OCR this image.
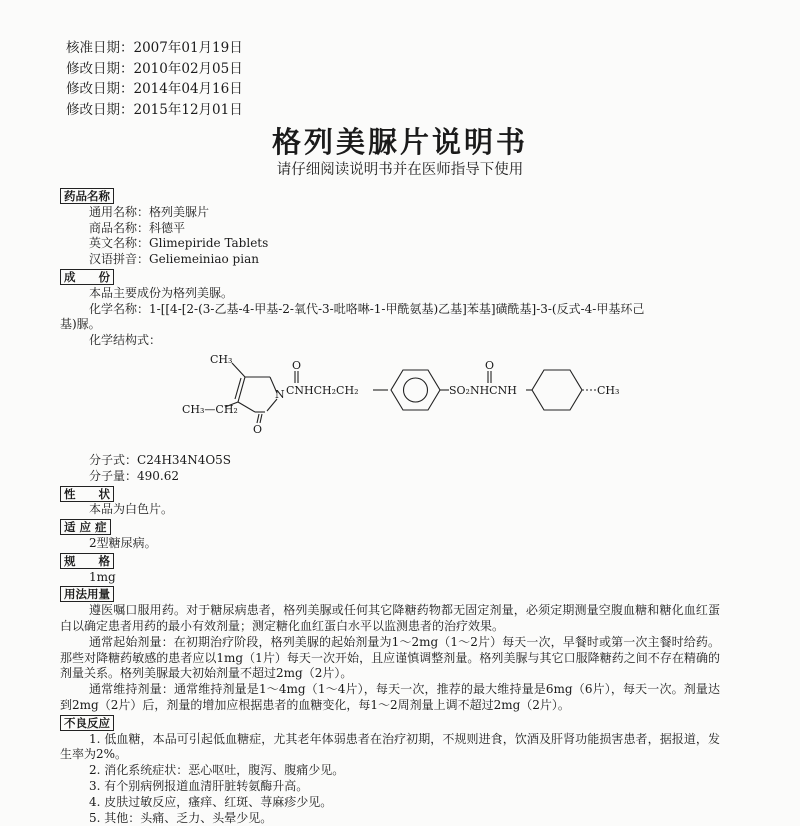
核准日期：2007年01月19日
修改日期：2010年02月05日
修改日期：2014年04月16日
修改日期：2015年12月01日
格列美脲片说明书
请仔细阅读说明书并在医师指导下使用
药品名称
通用名称：格列美脲片
商品名称：科德平
英文名称：Glimepiride Tablets
汉语拼音：Geliemeiniao pian
成　　份
本品主要成份为格列美脲。
化学名称：1-[[4-[2-(3-乙基-4-甲基-2-氧代-3-吡咯啉-1-甲酰氨基)乙基]苯基]磺酰基]-3-(反式-4-甲基环己
基)脲。
化学结构式：
CH₃
CH₃—CH₂
O
N
O
CNHCH₂CH₂	SO₂NHCNH
O
CH₃
分子式：C24H34N4O5S
分子量：490.62
性　　状
本品为白色片。
适 应 症
2型糖尿病。
规　　格
1mg
用法用量
遵医嘱口服用药。对于糖尿病患者，格列美脲或任何其它降糖药物都无固定剂量，必须定期测量空腹血糖和糖化血红蛋白以确定患者用药的最小有效剂量；测定糖化血红蛋白水平以监测患者的治疗效果。
通常起始剂量：在初期治疗阶段，格列美脲的起始剂量为1～2mg（1～2片）每天一次，早餐时或第一次主餐时给药。那些对降糖药敏感的患者应以1mg（1片）每天一次开始，且应谨慎调整剂量。格列美脲与其它口服降糖药之间不存在精确的剂量关系。格列美脲最大初始剂量不超过2mg（2片）。
通常维持剂量：通常维持剂量是1～4mg（1～4片），每天一次，推荐的最大维持量是6mg（6片），每天一次。剂量达到2mg（2片）后，剂量的增加应根据患者的血糖变化，每1～2周剂量上调不超过2mg（2片）。
不良反应
1. 低血糖，本品可引起低血糖症，尤其老年体弱患者在治疗初期，不规则进食，饮酒及肝肾功能损害患者，据报道，发生率为2%。
2. 消化系统症状：恶心呕吐，腹泻、腹痛少见。
3. 有个别病例报道血清肝脏转氨酶升高。
4. 皮肤过敏反应，瘙痒、红斑、荨麻疹少见。
5. 其他：头痛、乏力、头晕少见。
